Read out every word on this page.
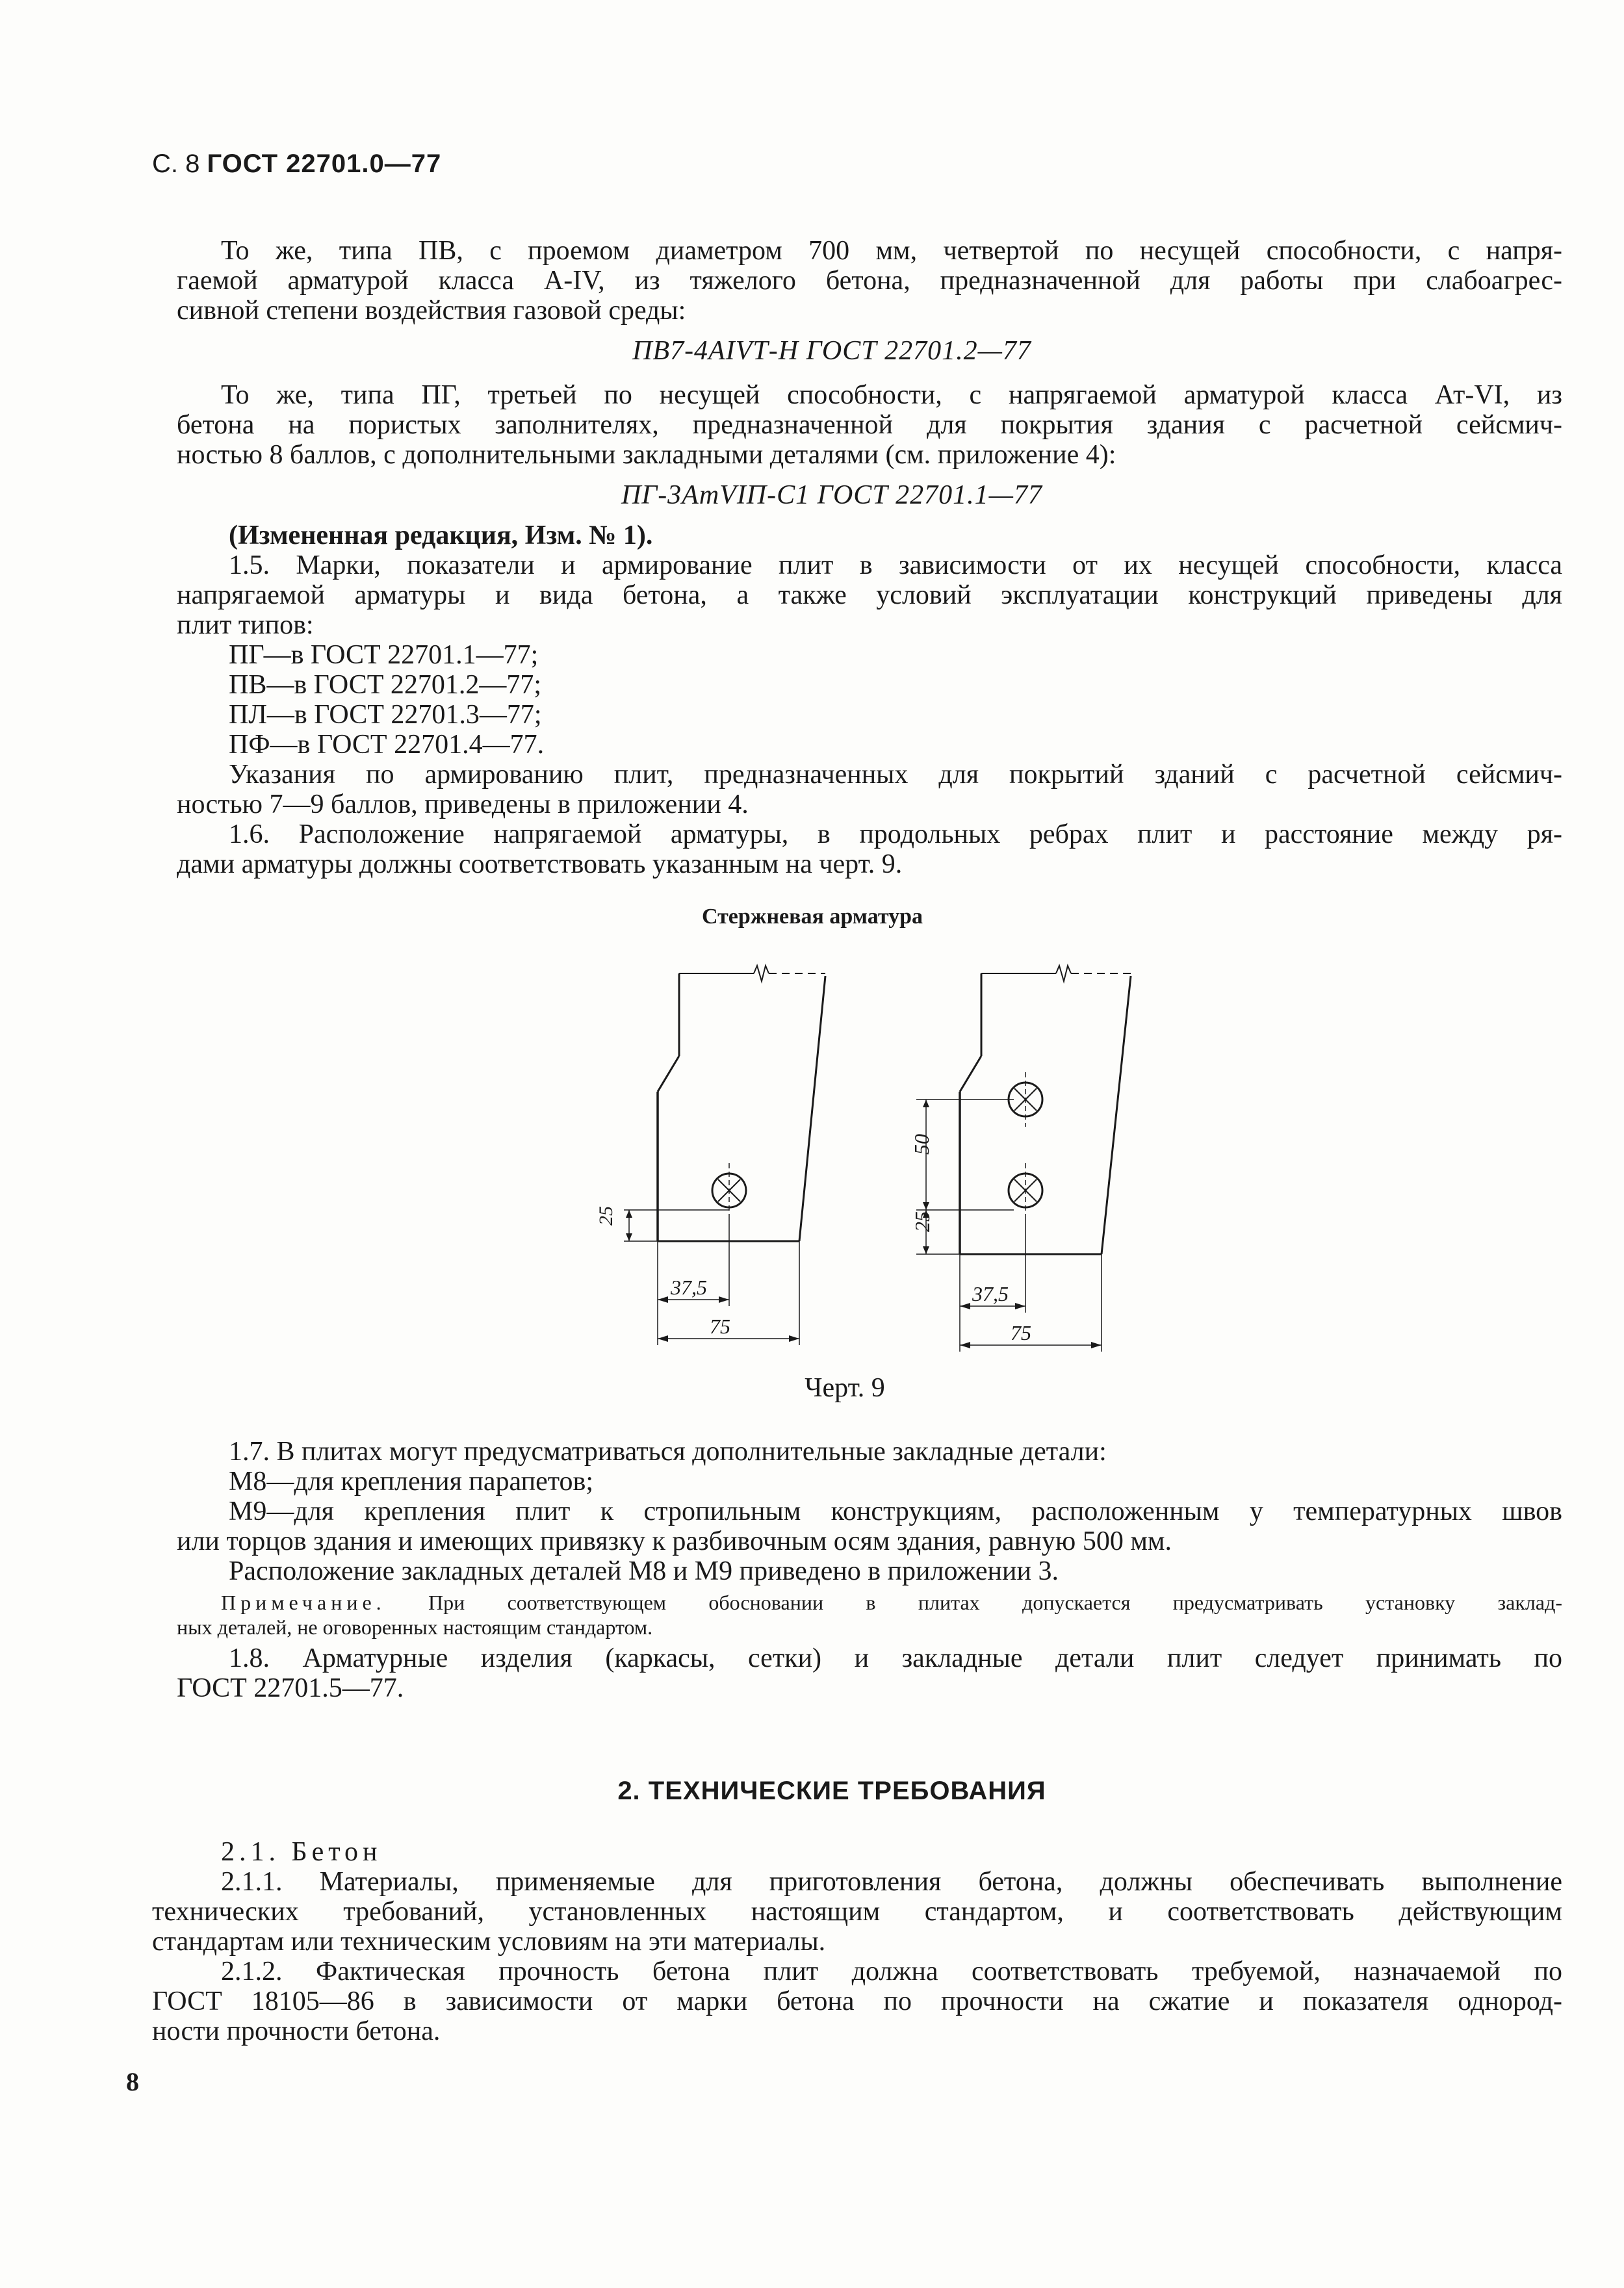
С. 8 ГОСТ 22701.0—77
То же, типа ПВ, с проемом диаметром 700 мм, четвертой по несущей способности, с напря-
гаемой арматурой класса A-IV, из тяжелого бетона, предназначенной для работы при слабоагрес-
сивной степени воздействия газовой среды:
ПВ7-4АIVТ-Н ГОСТ 22701.2—77
То же, типа ПГ, третьей по несущей способности, с напрягаемой арматурой класса Ат-VI, из
бетона на пористых заполнителях, предназначенной для покрытия здания с расчетной сейсмич-
ностью 8 баллов, с дополнительными закладными деталями (см. приложение 4):
ПГ-3АтVIП-С1 ГОСТ 22701.1—77
(Измененная редакция, Изм. № 1).
1.5. Марки, показатели и армирование плит в зависимости от их несущей способности, класса
напрягаемой арматуры и вида бетона, а также условий эксплуатации конструкций приведены для
плит типов:
ПГ—в ГОСТ 22701.1—77;
ПВ—в ГОСТ 22701.2—77;
ПЛ—в ГОСТ 22701.3—77;
ПФ—в ГОСТ 22701.4—77.
Указания по армированию плит, предназначенных для покрытий зданий с расчетной сейсмич-
ностью 7—9 баллов, приведены в приложении 4.
1.6. Расположение напрягаемой арматуры, в продольных ребрах плит и расстояние между ря-
дами арматуры должны соответствовать указанным на черт. 9.
Стержневая арматура
25
37,5
75
50
25
37,5
75
Черт. 9
1.7. В плитах могут предусматриваться дополнительные закладные детали:
М8—для крепления парапетов;
М9—для крепления плит к стропильным конструкциям, расположенным у температурных швов
или торцов здания и имеющих привязку к разбивочным осям здания, равную 500 мм.
Расположение закладных деталей М8 и М9 приведено в приложении 3.
Примечание. При соответствующем обосновании в плитах допускается предусматривать установку заклад-
ных деталей, не оговоренных настоящим стандартом.
1.8. Арматурные изделия (каркасы, сетки) и закладные детали плит следует принимать по
ГОСТ 22701.5—77.
2. ТЕХНИЧЕСКИЕ ТРЕБОВАНИЯ
2.1. Бетон
2.1.1. Материалы, применяемые для приготовления бетона, должны обеспечивать выполнение
технических требований, установленных настоящим стандартом, и соответствовать действующим
стандартам или техническим условиям на эти материалы.
2.1.2. Фактическая прочность бетона плит должна соответствовать требуемой, назначаемой по
ГОСТ 18105—86 в зависимости от марки бетона по прочности на сжатие и показателя однород-
ности прочности бетона.
8
